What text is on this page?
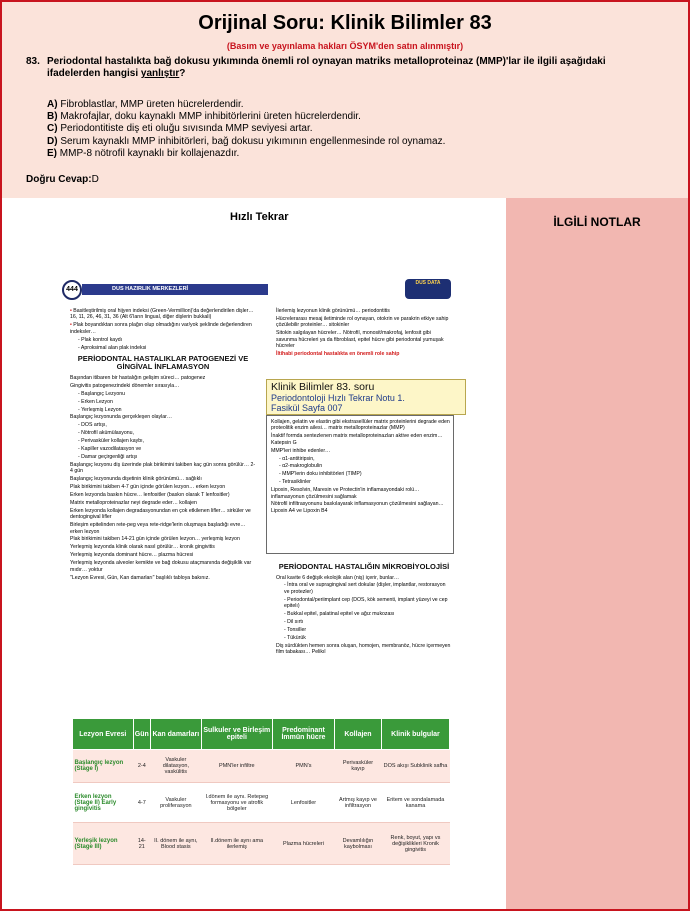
Orijinal Soru: Klinik Bilimler 83
(Basım ve yayınlama hakları ÖSYM'den satın alınmıştır)
83. Periodontal hastalıkta bağ dokusu yıkımında önemli rol oynayan matriks metalloproteinaz (MMP)'lar ile ilgili aşağıdaki ifadelerden hangisi yanlıştır?
A) Fibroblastlar, MMP üreten hücrelerdendir.
B) Makrofajlar, doku kaynaklı MMP inhibitörlerini üreten hücrelerdendir.
C) Periodontitiste diş eti oluğu sıvısında MMP seviyesi artar.
D) Serum kaynaklı MMP inhibitörleri, bağ dokusu yıkımının engellenmesinde rol oynamaz.
E) MMP-8 nötrofil kaynaklı bir kollajenazdır.
Doğru Cevap:D
Hızlı Tekrar	İLGİLİ NOTLAR
444	DUS HAZIRLIK MERKEZLERİ
DUS DATA

• Basitleştirilmiş oral hijyen indeksi (Green-Vermillion)'da değerlendirilen dişler… 16, 11, 26, 46, 31, 36 (Alt 6'ların lingual, diğer dişlerin bukkali)

• Plak boyandıktan sonra plağın olup olmadığını var/yok şeklinde değerlendiren indeksler…

- Plak kontrol kaydı

- Aproksimal alan plak indeksi

PERİODONTAL HASTALIKLAR PATOGENEZİ VE GİNGİVAL İNFLAMASYON

Başından itibaren bir hastalığın gelişim süreci… patogenez

Gingivitis patogenezindeki dönemler sırasıyla…

- Başlangıç Lezyonu

- Erken Lezyon

- Yerleşmiş Lezyon

Başlangıç lezyonunda gerçekleşen olaylar…

- DOS artışı,

- Nötrofil akümülasyonu,

- Perivasküler kollajen kaybı,

- Kapiller vazodilatasyon ve

- Damar geçirgenliği artışı

Başlangıç lezyonu diş üzerinde plak birikimini takiben kaç gün sonra görülür… 2-4 gün

Başlangıç lezyonunda dişetinin klinik görünümü… sağlıklı

Plak birikimini takiben 4-7 gün içinde görülen lezyon… erken lezyon

Erken lezyonda baskın hücre… lenfositler (baskın olarak T lenfositler)

Matrix metalloproteinazlar neyi degrade eder… kollajen

Erken lezyonda kollajen degradasyonundan en çok etkilenen lifler… sirküler ve dentogingival lifler

Birleşim epitelinden rete-peg veya rete-ridge'lerin oluşmaya başladığı evre… erken lezyon

Plak birikimini takiben 14-21 gün içinde görülen lezyon… yerleşmiş lezyon

Yerleşmiş lezyonda klinik olarak nasıl görülür… kronik gingivitis

Yerleşmiş lezyonda dominant hücre… plazma hücresi

Yerleşmiş lezyonda alveoler kemikte ve bağ dokusu ataçmanında değişiklik var mıdır… yoktur

"Lezyon Evresi, Gün, Kan damarları" başlıklı tabloya bakınız.

İlerlemiş lezyonun klinik görünümü… periodontitis

Hücrelerarası mesaj iletiminde rol oynayan, otokrin ve parakrin etkiye sahip çözülebilir proteinler… sitokinler

Sitokin salgılayan hücreler… Nötrofil, monosit/makrofaj, lenfosit gibi savunma hücreleri ya da fibroblast, epitel hücre gibi periodontal yumuşak hücreler

İltihabi periodontal hastalıkta en önemli role sahip

PERİODONTAL HASTALIĞIN MİKROBİYOLOJİSİ

Oral kavite 6 değişik ekolojik alan (niş) içerir, bunlar…

- İntra oral ve supragingival sert dokular (dişler, implantlar, restorasyon ve protezler)

- Periodontal/periimplant cep (DOS, kök sementi, implant yüzeyi ve cep epitelı)

- Bukkal epitel, palatinal epitel ve ağız mukozası

- Dil sırtı

- Tonsiller

- Tükürük

Diş sürdükten hemen sonra oluşan, homojen, membranöz, hücre içermeyen film tabakası… Pelikıl

Kollajen, gelatin ve elastin gibi ekstrasellüler matrix proteinlerini degrade eden proteolitik enzim ailesi… matrix metalloproteinazlar (MMP)

İnaktif formda sentezlenen matrix metalloproteinazları aktive eden enzim… Katepsin G

MMP'leri inhibe edenler…

- α1-antitiripsin,

- α2-makroglobulin

- MMP'lerin doku inhibitörleri (TIMP)

- Tetrasiklinler

Lipoxin, Resolvin, Maresin ve Protectin'in inflamasyondaki rolü… inflamasyonun çözülmesini sağlamak

Nötrofil infiltrasyonunu baskılayarak inflamasyonun çözülmesini sağlayan… Lipoxin A4 ve Lipoxin B4

Klinik Bilimler 83. soru
Periodontoloji Hızlı Tekrar Notu 1.
Fasikül Sayfa 007
Lezyon Evresi	Gün	Kan damarları	Sulkuler ve Birleşim epiteli	Predominant İmmün hücre	Kollajen	Klinik bulgular
Başlangıç lezyon (Stage I)	2-4	Vaskuler dilatasyon, vaskülitis	PMN'ler infiltre	PMN's	Perivasküler kayıp	DOS akışı Subklinik safha
Erken lezyon (Stage II) Early gingivitis	4-7	Vaskuler proliferasyon	I.dönem ile aynı. Retepeg formasyonu ve atrofik bölgeler	Lenfositler	Artmış kayıp ve infiltrasyon	Eritem ve sondalamada kanama
Yerleşik lezyon (Stage III)	14-21	II. dönem ile aynı, Blood stasis	II.dönem ile aynı ama ilerlemiş	Plazma hücreleri	Devamlılığın kaybolması	Renk, boyut, yapı vs değişiklikleri Kronik gingivitis
